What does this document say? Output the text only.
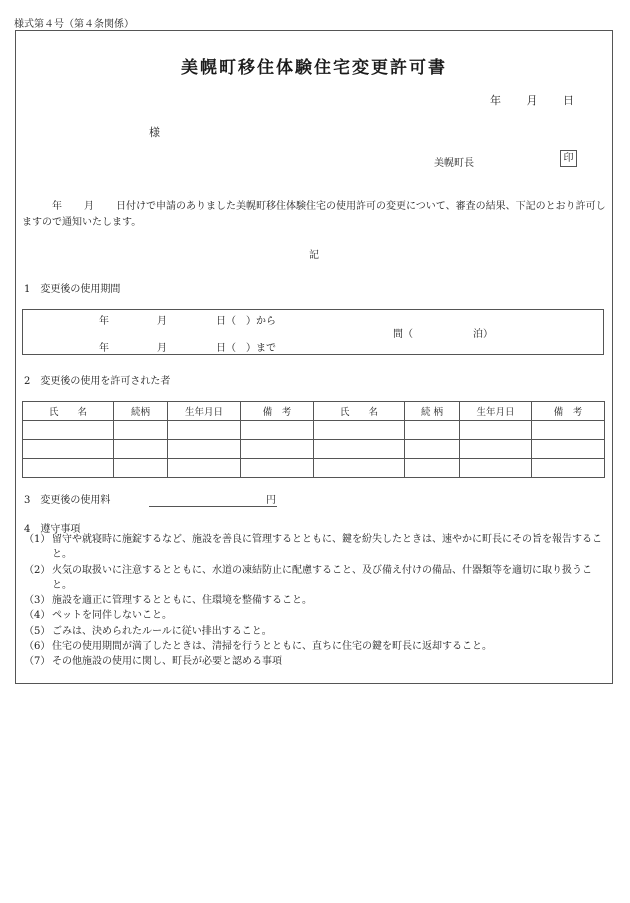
様式第４号（第４条関係）
美幌町移住体験住宅変更許可書
年 月 日
様
美幌町長	印
年 月 日付けで申請のありました美幌町移住体験住宅の使用許可の変更について、審査の結果、下記のとおり許可しますので通知いたします。
記
1　変更後の使用期間
年	月	日（　）から
間（	泊）
年	月	日（　）まで
2　変更後の使用を許可された者
氏　　名	続柄	生年月日	備　考	氏　　名	続 柄	生年月日	備　考

3　変更後の使用料	円
4　遵守事項
（1） 留守や就寝時に施錠するなど、施設を善良に管理するとともに、鍵を紛失したときは、速やかに町長にその旨を報告すること。
（2） 火気の取扱いに注意するとともに、水道の凍結防止に配慮すること、及び備え付けの備品、什器類等を適切に取り扱うこと。
（3） 施設を適正に管理するとともに、住環境を整備すること。
（4） ペットを同伴しないこと。
（5） ごみは、決められたルールに従い排出すること。
（6） 住宅の使用期間が満了したときは、清掃を行うとともに、直ちに住宅の鍵を町長に返却すること。
（7） その他施設の使用に関し、町長が必要と認める事項
